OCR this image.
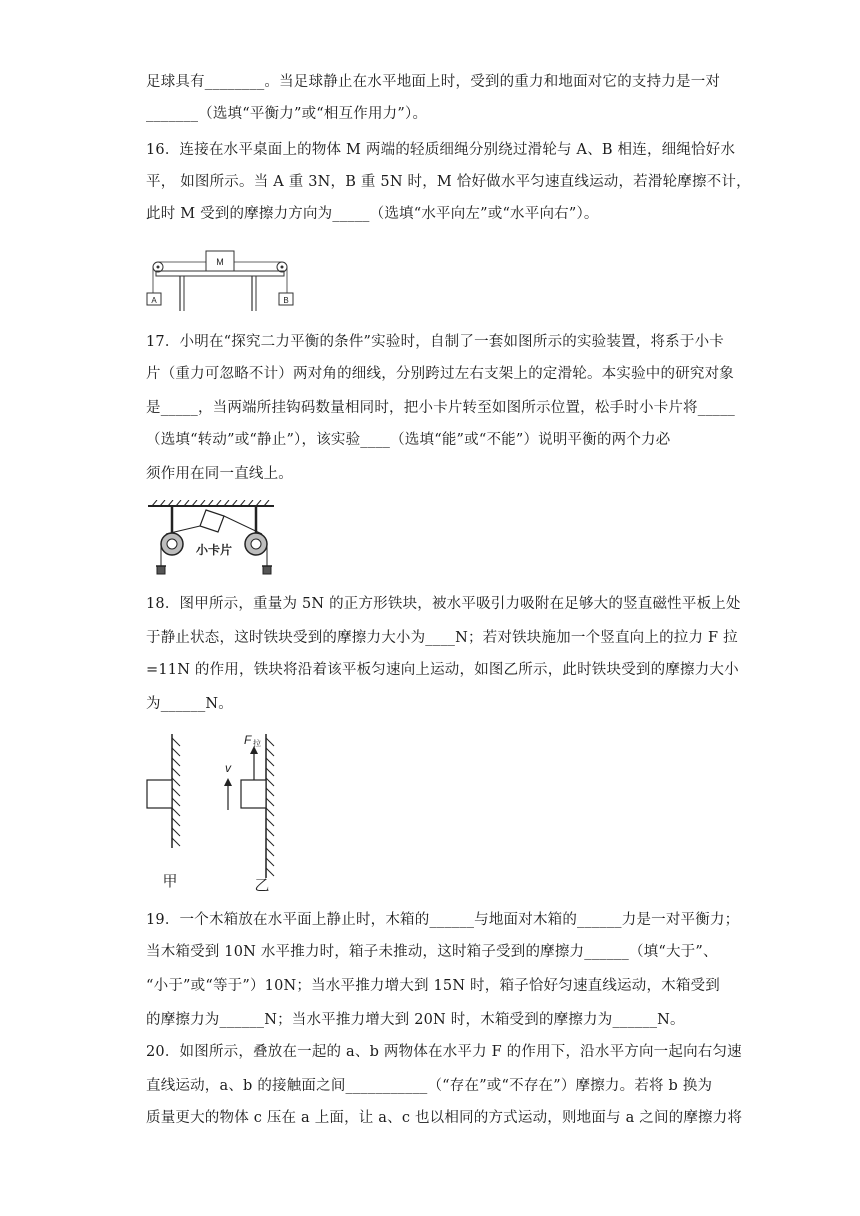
足球具有________。当足球静止在水平地面上时，受到的重力和地面对它的支持力是一对
_______（选填“平衡力”或“相互作用力”）。
16．连接在水平桌面上的物体 M 两端的轻质细绳分别绕过滑轮与 A、B 相连，细绳恰好水
平， 如图所示。当 A 重 3N，B 重 5N 时，M 恰好做水平匀速直线运动，若滑轮摩擦不计，
此时 M 受到的摩擦力方向为_____（选填“水平向左”或“水平向右”）。
M
A	B
17．小明在“探究二力平衡的条件”实验时，自制了一套如图所示的实验装置，将系于小卡
片（重力可忽略不计）两对角的细线，分别跨过左右支架上的定滑轮。本实验中的研究对象
是_____，当两端所挂钩码数量相同时，把小卡片转至如图所示位置，松手时小卡片将_____
（选填“转动”或“静止”），该实验____（选填“能”或“不能”）说明平衡的两个力必
须作用在同一直线上。
小卡片
18．图甲所示，重量为 5N 的正方形铁块，被水平吸引力吸附在足够大的竖直磁性平板上处
于静止状态，这时铁块受到的摩擦力大小为____N；若对铁块施加一个竖直向上的拉力 F 拉
=11N 的作用，铁块将沿着该平板匀速向上运动，如图乙所示，此时铁块受到的摩擦力大小
为______N。
F 拉
v
甲	乙
19．一个木箱放在水平面上静止时，木箱的______与地面对木箱的______力是一对平衡力；
当木箱受到 10N 水平推力时，箱子未推动，这时箱子受到的摩擦力______（填“大于”、
“小于”或“等于”）10N；当水平推力增大到 15N 时，箱子恰好匀速直线运动，木箱受到
的摩擦力为______N；当水平推力增大到 20N 时，木箱受到的摩擦力为______N。
20．如图所示，叠放在一起的 a、b 两物体在水平力 F 的作用下，沿水平方向一起向右匀速
直线运动，a、b 的接触面之间___________（“存在”或“不存在”）摩擦力。若将 b 换为
质量更大的物体 c 压在 a 上面，让 a、c 也以相同的方式运动，则地面与 a 之间的摩擦力将
